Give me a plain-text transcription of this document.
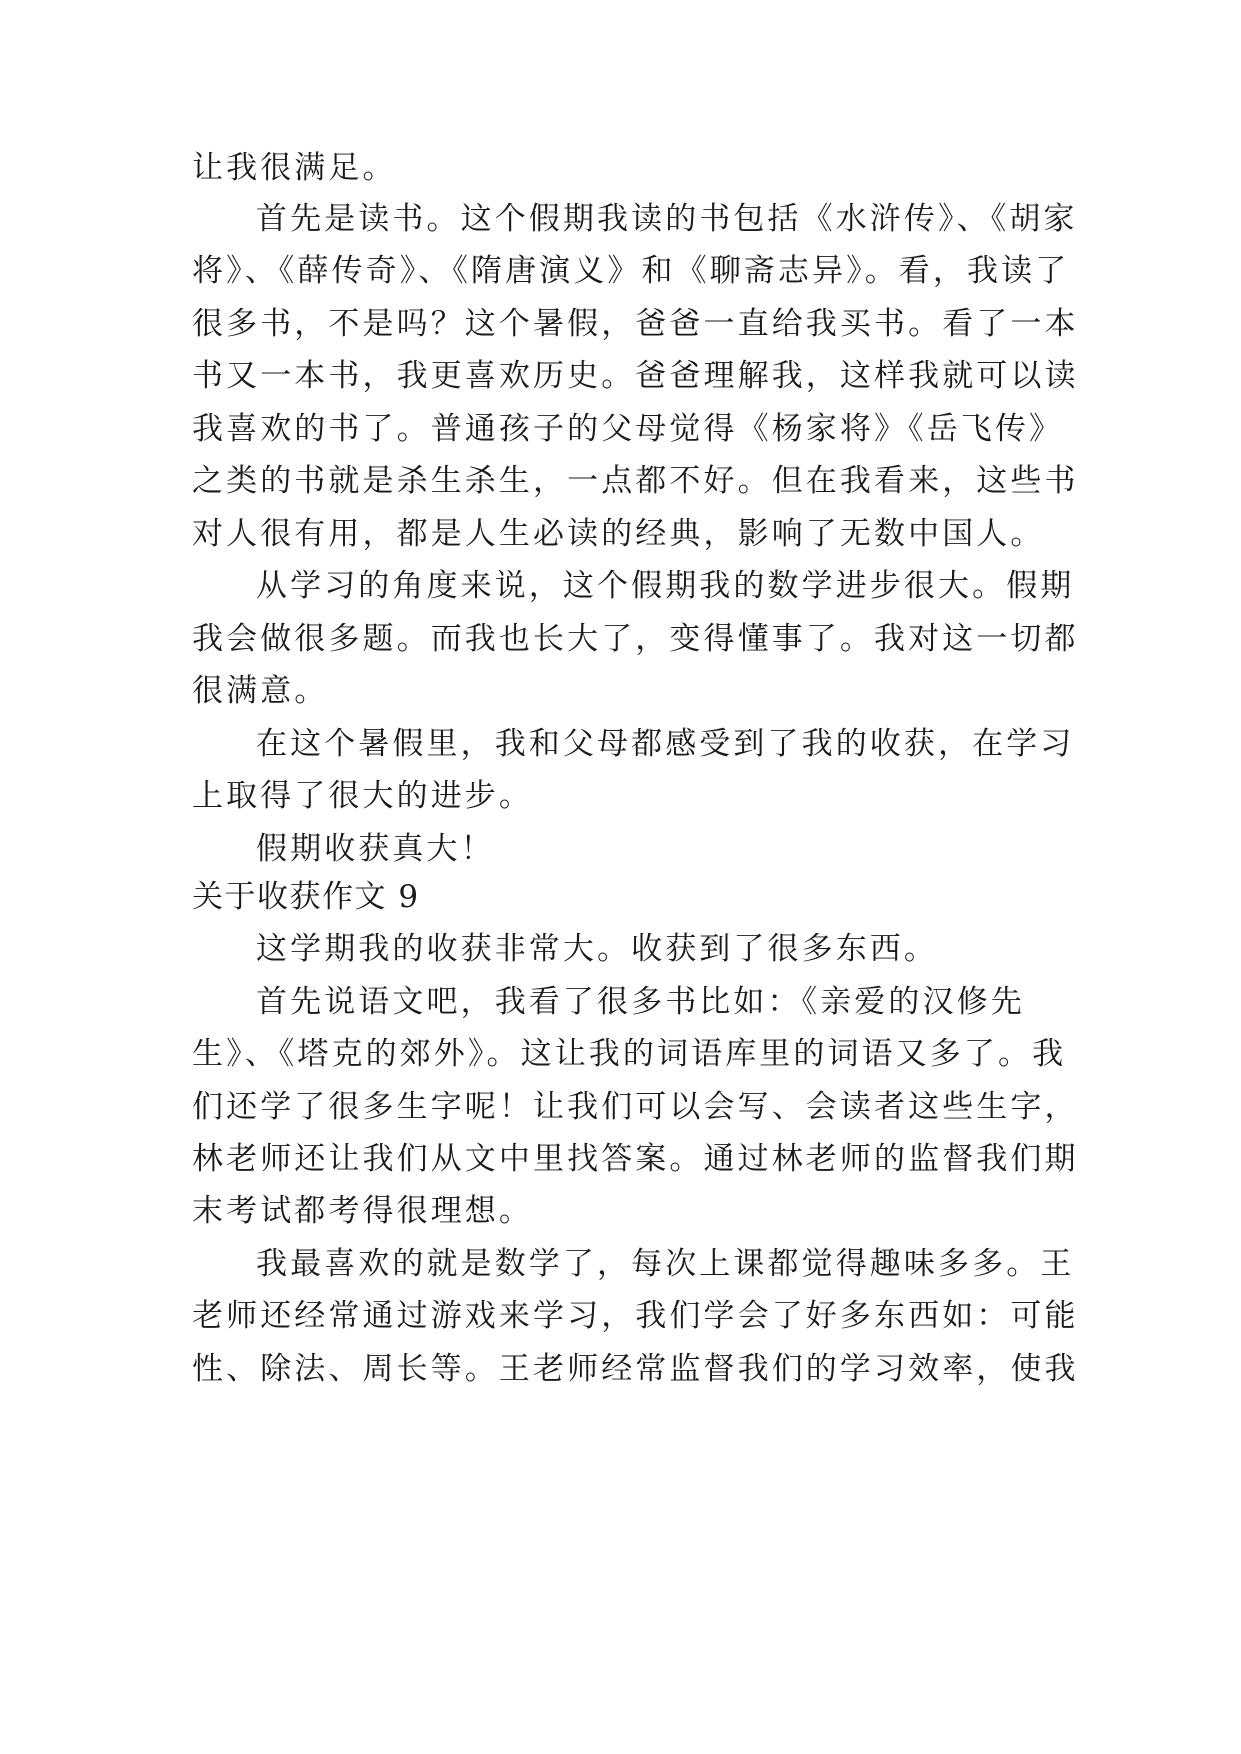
让我很满足。
首先是读书。这个假期我读的书包括《水浒传》、《胡家
将》、《薛传奇》、《隋唐演义》和《聊斋志异》。看，我读了
很多书，不是吗？这个暑假，爸爸一直给我买书。看了一本
书又一本书，我更喜欢历史。爸爸理解我，这样我就可以读
我喜欢的书了。普通孩子的父母觉得《杨家将》《岳飞传》
之类的书就是杀生杀生，一点都不好。但在我看来，这些书
对人很有用，都是人生必读的经典，影响了无数中国人。
从学习的角度来说，这个假期我的数学进步很大。假期
我会做很多题。而我也长大了，变得懂事了。我对这一切都
很满意。
在这个暑假里，我和父母都感受到了我的收获，在学习
上取得了很大的进步。
假期收获真大！
关于收获作文 9
这学期我的收获非常大。收获到了很多东西。
首先说语文吧，我看了很多书比如：《亲爱的汉修先
生》、《塔克的郊外》。这让我的词语库里的词语又多了。我
们还学了很多生字呢！让我们可以会写、会读者这些生字，
林老师还让我们从文中里找答案。通过林老师的监督我们期
末考试都考得很理想。
我最喜欢的就是数学了，每次上课都觉得趣味多多。王
老师还经常通过游戏来学习，我们学会了好多东西如：可能
性、除法、周长等。王老师经常监督我们的学习效率，使我
